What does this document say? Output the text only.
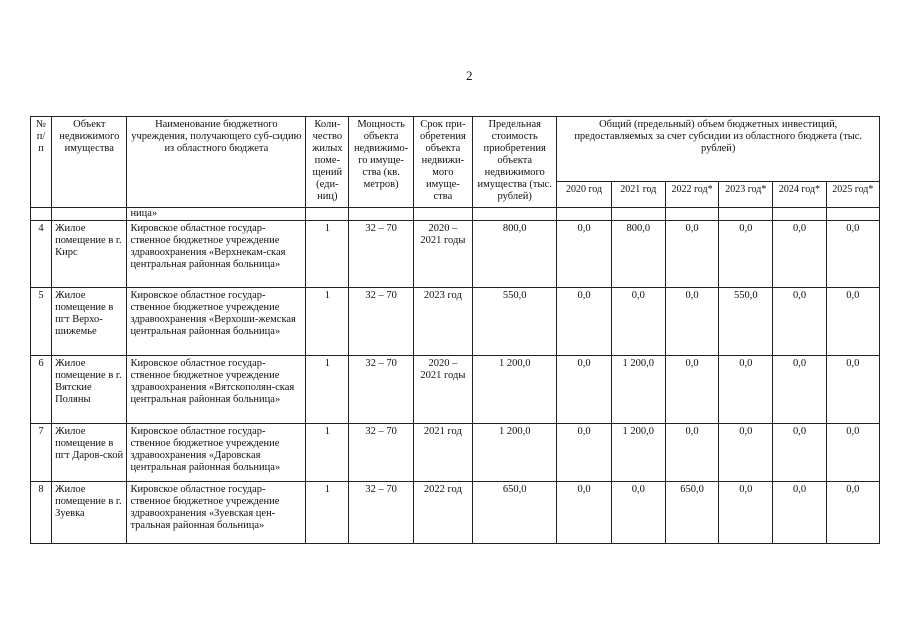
2
№ п/п	Объект недвижимого имущества	Наименование бюджетного учреждения, получающего суб-сидию из областного бюджета	Коли-чество жилых поме-щений (еди-ниц)	Мощность объекта недвижимо-го имуще-ства (кв. метров)	Срок при-обретения объекта недвижи-мого имуще-ства	Предельная стоимость приобретения объекта недвижимого имущества (тыс. рублей)	Общий (предельный) объем бюджетных инвестиций, предоставляемых за счет субсидии из областного бюджета (тыс. рублей)					
							2020 год	2021 год	2022 год*	2023 год*	2024 год*	2025 год*
		ница»										
4	Жилое помещение в г. Кирс	Кировское областное государ-ственное бюджетное учреждение здравоохранения «Верхнекам-ская центральная районная больница»	1	32 – 70	2020 – 2021 годы	800,0	0,0	800,0	0,0	0,0	0,0	0,0
5	Жилое помещение в пгт Верхо-шижемье	Кировское областное государ-ственное бюджетное учреждение здравоохранения «Верхоши-жемская центральная районная больница»	1	32 – 70	2023 год	550,0	0,0	0,0	0,0	550,0	0,0	0,0
6	Жилое помещение в г. Вятские Поляны	Кировское областное государ-ственное бюджетное учреждение здравоохранения «Вятскополян-ская центральная районная больница»	1	32 – 70	2020 – 2021 годы	1 200,0	0,0	1 200,0	0,0	0,0	0,0	0,0
7	Жилое помещение в пгт Даров-ской	Кировское областное государ-ственное бюджетное учреждение здравоохранения «Даровская центральная районная больница»	1	32 – 70	2021 год	1 200,0	0,0	1 200,0	0,0	0,0	0,0	0,0
8	Жилое помещение в г. Зуевка	Кировское областное государ-ственное бюджетное учреждение здравоохранения «Зуевская цен-тральная районная больница»	1	32 – 70	2022 год	650,0	0,0	0,0	650,0	0,0	0,0	0,0
